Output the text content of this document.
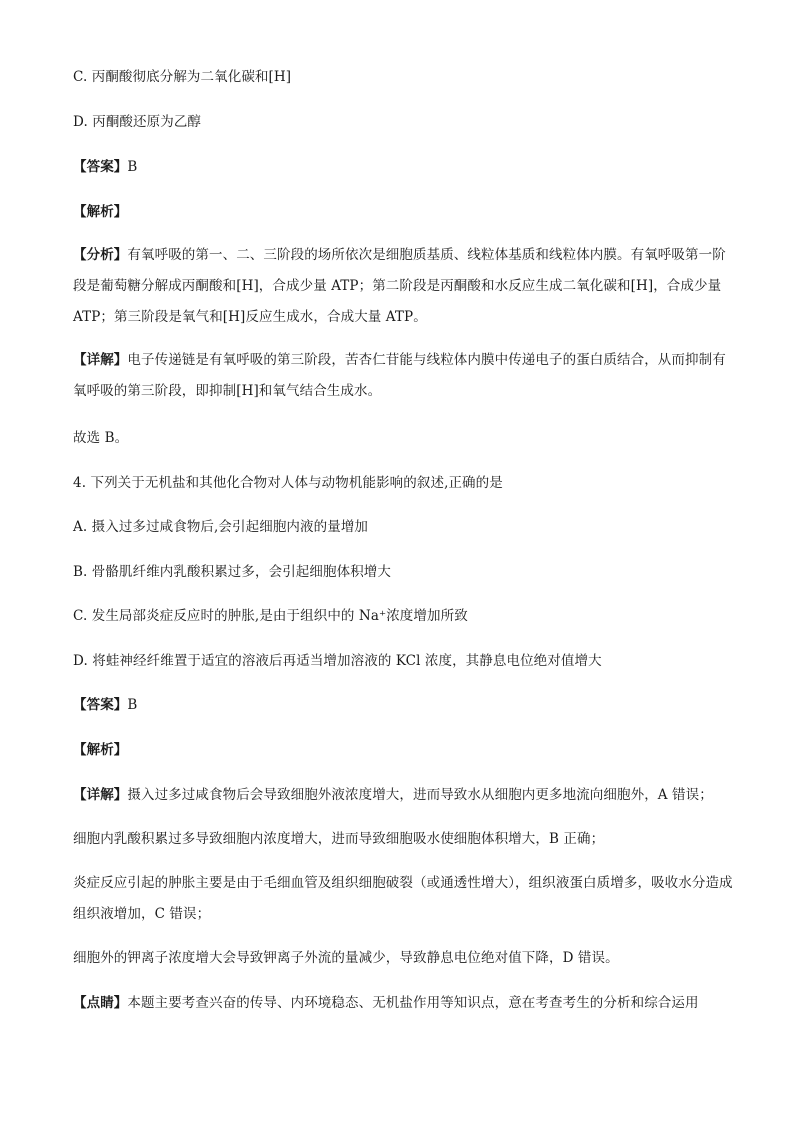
C. 丙酮酸彻底分解为二氧化碳和[H]
D. 丙酮酸还原为乙醇
【答案】B
【解析】
【分析】有氧呼吸的第一、二、三阶段的场所依次是细胞质基质、线粒体基质和线粒体内膜。有氧呼吸第一阶段是葡萄糖分解成丙酮酸和[H]，合成少量 ATP；第二阶段是丙酮酸和水反应生成二氧化碳和[H]，合成少量 ATP；第三阶段是氧气和[H]反应生成水，合成大量 ATP。
【详解】电子传递链是有氧呼吸的第三阶段，苦杏仁苷能与线粒体内膜中传递电子的蛋白质结合，从而抑制有氧呼吸的第三阶段，即抑制[H]和氧气结合生成水。
故选 B。
4. 下列关于无机盐和其他化合物对人体与动物机能影响的叙述,正确的是
A. 摄入过多过咸食物后,会引起细胞内液的量增加
B. 骨骼肌纤维内乳酸积累过多，会引起细胞体积增大
C. 发生局部炎症反应时的肿胀,是由于组织中的 Na⁺浓度增加所致
D. 将蛙神经纤维置于适宜的溶液后再适当增加溶液的 KCl 浓度，其静息电位绝对值增大
【答案】B
【解析】
【详解】摄入过多过咸食物后会导致细胞外液浓度增大，进而导致水从细胞内更多地流向细胞外，A 错误；
细胞内乳酸积累过多导致细胞内浓度增大，进而导致细胞吸水使细胞体积增大，B 正确；
炎症反应引起的肿胀主要是由于毛细血管及组织细胞破裂（或通透性增大），组织液蛋白质增多，吸收水分造成组织液增加，C 错误；
细胞外的钾离子浓度增大会导致钾离子外流的量减少，导致静息电位绝对值下降，D 错误。
【点睛】本题主要考查兴奋的传导、内环境稳态、无机盐作用等知识点，意在考查考生的分析和综合运用
